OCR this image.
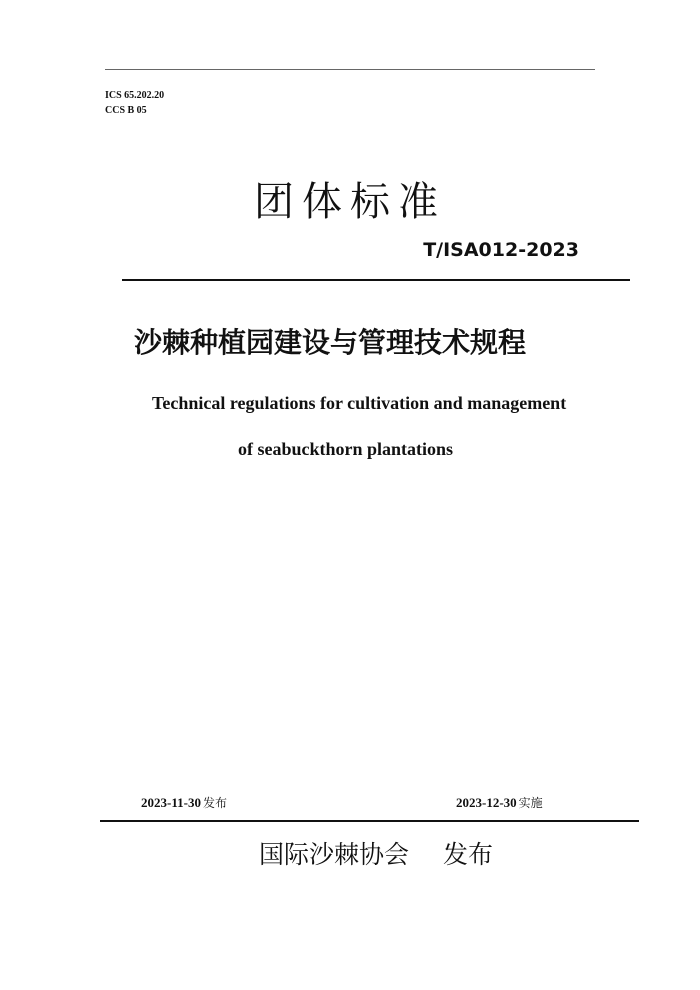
ICS 65.202.20
CCS B 05
团体标准
T/ISA012-2023
沙棘种植园建设与管理技术规程
Technical regulations for cultivation and management
of seabuckthorn plantations
2023-11-30 发布	2023-12-30 实施
国际沙棘协会 发布
